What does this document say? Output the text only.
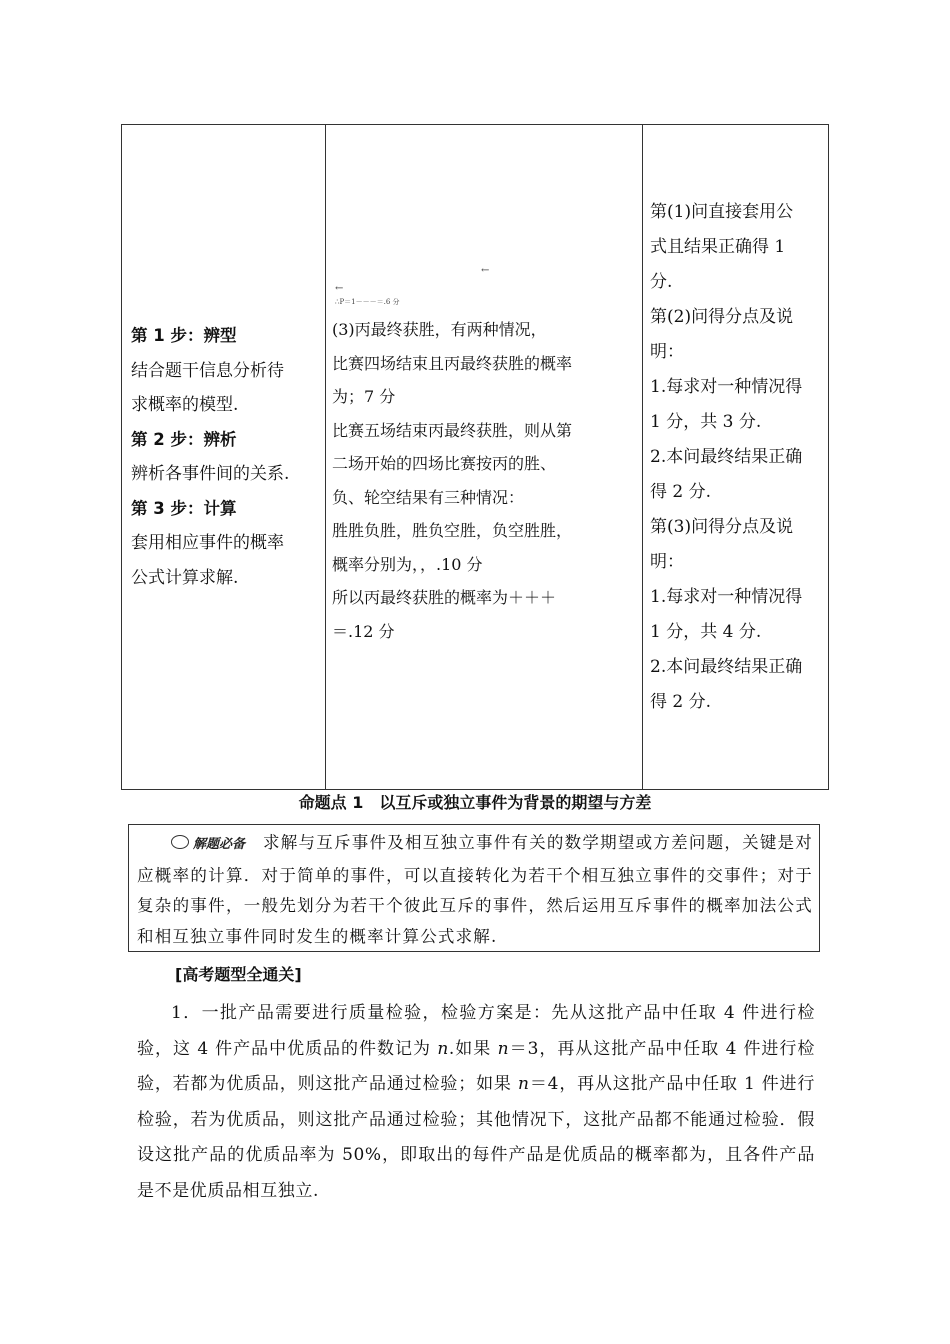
第 1 步：辨型
结合题干信息分析待
求概率的模型.
第 2 步：辨析
辨析各事件间的关系.
第 3 步：计算
套用相应事件的概率
公式计算求解.
←
←
∴P＝1－－－＝.6 分
(3)丙最终获胜，有两种情况，
比赛四场结束且丙最终获胜的概率
为；7 分
比赛五场结束丙最终获胜，则从第
二场开始的四场比赛按丙的胜、
负、轮空结果有三种情况：
胜胜负胜，胜负空胜，负空胜胜，
概率分别为，，.10 分
所以丙最终获胜的概率为＋＋＋
＝.12 分
第(1)问直接套用公
式且结果正确得 1
分.
第(2)问得分点及说
明：
1.每求对一种情况得
1 分，共 3 分.
2.本问最终结果正确
得 2 分.
第(3)问得分点及说
明：
1.每求对一种情况得
1 分，共 4 分.
2.本问最终结果正确
得 2 分.
命题点 1　以互斥或独立事件为背景的期望与方差
解题必备 求解与互斥事件及相互独立事件有关的数学期望或方差问题，关键是对应概率的计算．对于简单的事件，可以直接转化为若干个相互独立事件的交事件；对于复杂的事件，一般先划分为若干个彼此互斥的事件，然后运用互斥事件的概率加法公式和相互独立事件同时发生的概率计算公式求解.
[高考题型全通关]
1．一批产品需要进行质量检验，检验方案是：先从这批产品中任取 4 件进行检验，这 4 件产品中优质品的件数记为 n.如果 n＝3，再从这批产品中任取 4 件进行检验，若都为优质品，则这批产品通过检验；如果 n＝4，再从这批产品中任取 1 件进行检验，若为优质品，则这批产品通过检验；其他情况下，这批产品都不能通过检验．假设这批产品的优质品率为 50%，即取出的每件产品是优质品的概率都为，且各件产品是不是优质品相互独立.
